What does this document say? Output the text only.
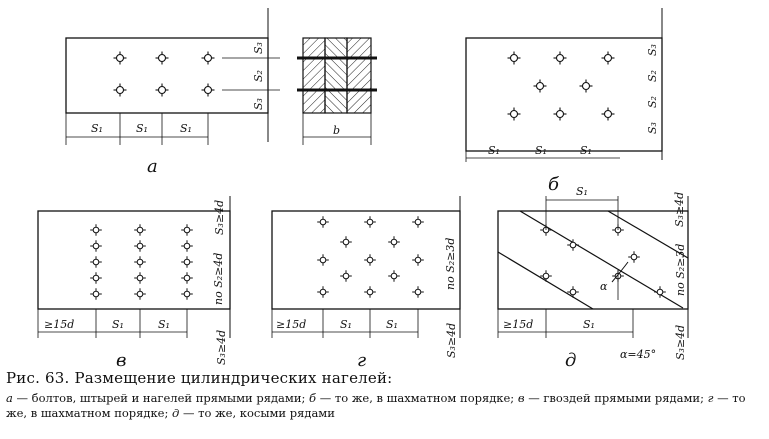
S₁	S₁	S₁
S₃
S₂
S₃
а
b
S₁	S₁	S₁
S₃
S₂
S₂
S₃
б
≥15d	S₁	S₁
S₃≥4d
по S₂≥4d
S₃≥4d
в
≥15d	S₁	S₁
по S₂≥3d
S₃≥4d
г
S₁
≥15d	S₁
α
α=45°
S₃≥4d
по S₂≥3d
S₃≥4d
д
Рис. 63. Размещение цилиндрических нагелей:
а — болтов, штырей и нагелей прямыми рядами; б — то же, в шахматном порядке; в — гвоздей прямыми рядами; г — то же, в шахматном порядке; д — то же, косыми рядами
